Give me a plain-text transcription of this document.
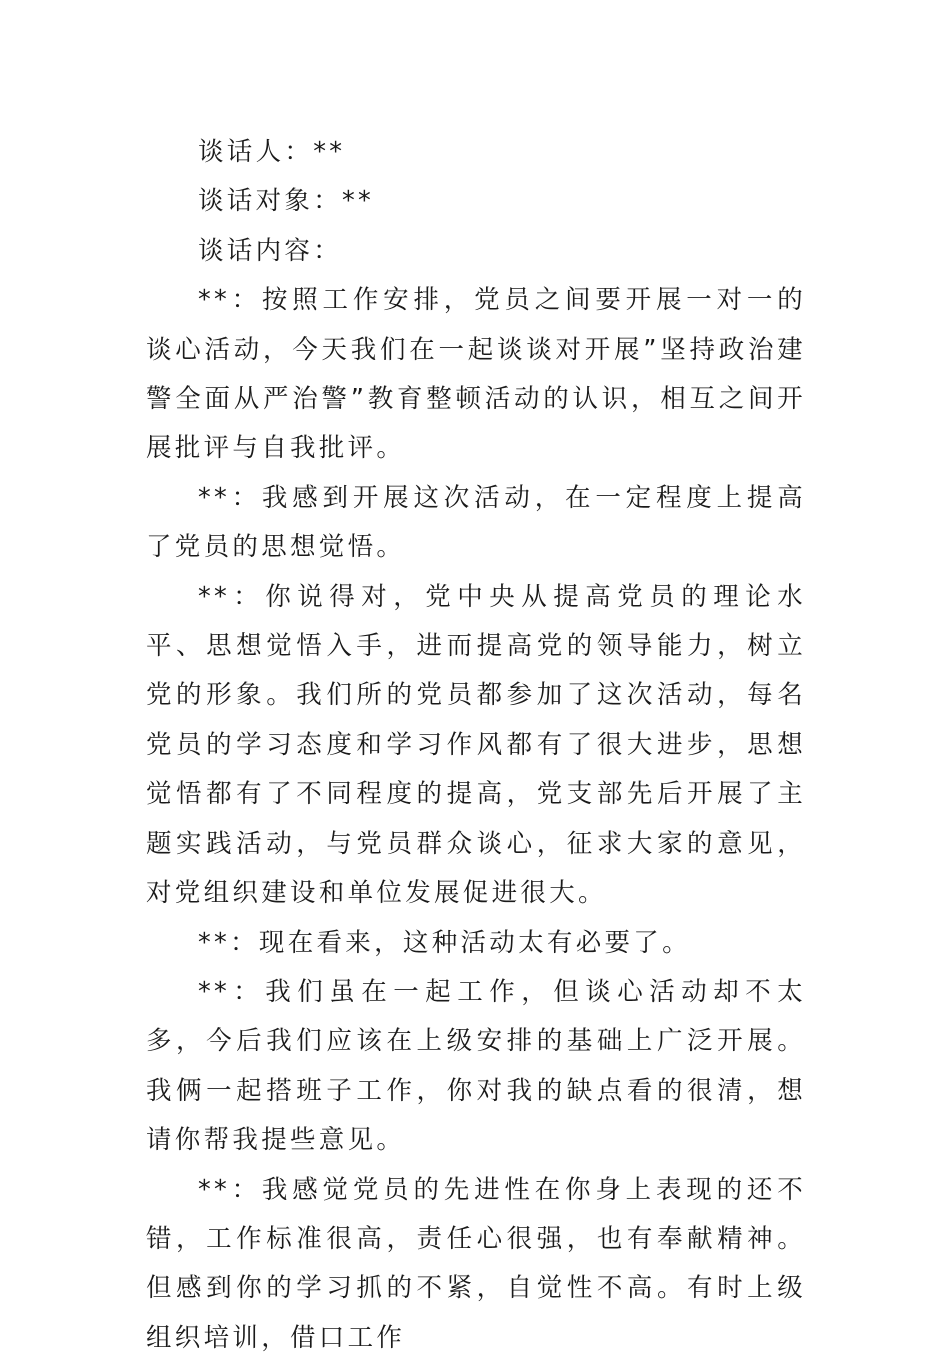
谈话人：**

谈话对象：**

谈话内容：

**：按照工作安排，党员之间要开展一对一的谈心活动，今天我们在一起谈谈对开展”坚持政治建警全面从严治警”教育整顿活动的认识，相互之间开展批评与自我批评。

**：我感到开展这次活动，在一定程度上提高了党员的思想觉悟。

**：你说得对，党中央从提高党员的理论水平、思想觉悟入手，进而提高党的领导能力，树立党的形象。我们所的党员都参加了这次活动，每名党员的学习态度和学习作风都有了很大进步，思想觉悟都有了不同程度的提高，党支部先后开展了主题实践活动，与党员群众谈心，征求大家的意见，对党组织建设和单位发展促进很大。

**：现在看来，这种活动太有必要了。

**：我们虽在一起工作，但谈心活动却不太多，今后我们应该在上级安排的基础上广泛开展。我俩一起搭班子工作，你对我的缺点看的很清，想请你帮我提些意见。

**：我感觉党员的先进性在你身上表现的还不错，工作标准很高，责任心很强，也有奉献精神。但感到你的学习抓的不紧，自觉性不高。有时上级组织培训，借口工作
